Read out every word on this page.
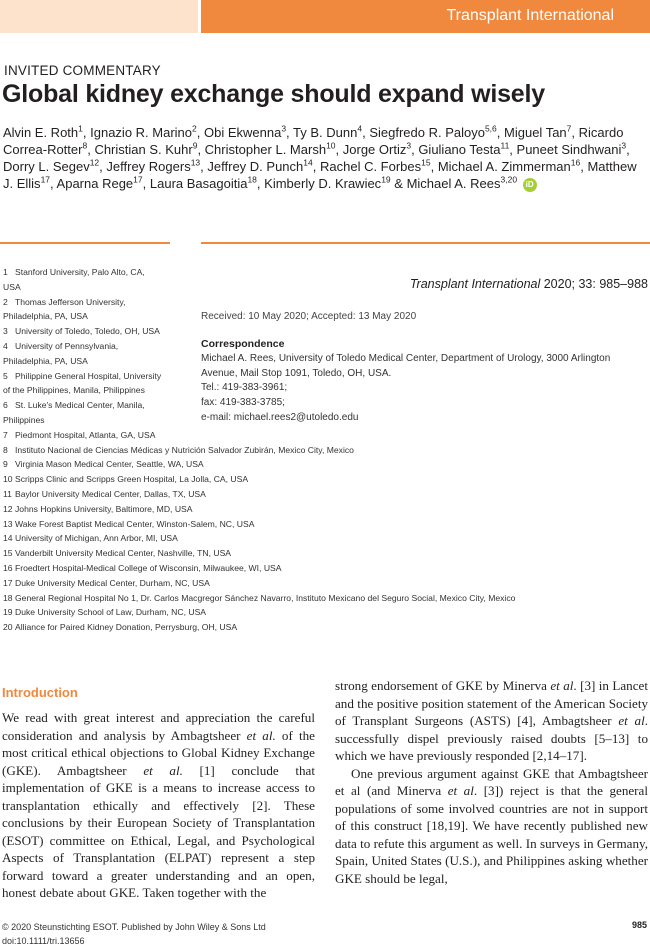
Transplant International
INVITED COMMENTARY
Global kidney exchange should expand wisely
Alvin E. Roth$^1$, Ignazio R. Marino$^2$, Obi Ekwenna$^3$, Ty B. Dunn$^4$, Siegfredo R. Paloyo$^{5,6}$, Miguel Tan$^7$, Ricardo Correa-Rotter$^8$, Christian S. Kuhr$^9$, Christopher L. Marsh$^{10}$, Jorge Ortiz$^3$, Giuliano Testa$^{11}$, Puneet Sindhwani$^3$, Dorry L. Segev$^{12}$, Jeffrey Rogers$^{13}$, Jeffrey D. Punch$^{14}$, Rachel C. Forbes$^{15}$, Michael A. Zimmerman$^{16}$, Matthew J. Ellis$^{17}$, Aparna Rege$^{17}$, Laura Basagoitia$^{18}$, Kimberly D. Krawiec$^{19}$ & Michael A. Rees$^{3,20}$ iD
1 Stanford University, Palo Alto, CA,
USA
2 Thomas Jefferson University,
Philadelphia, PA, USA
3 University of Toledo, Toledo, OH, USA
4 University of Pennsylvania,
Philadelphia, PA, USA
5 Philippine General Hospital, University
of the Philippines, Manila, Philippines
6 St. Luke's Medical Center, Manila,
Philippines
7 Piedmont Hospital, Atlanta, GA, USA
8 Instituto Nacional de Ciencias Médicas y Nutrición Salvador Zubirán, Mexico City, Mexico
9 Virginia Mason Medical Center, Seattle, WA, USA
10 Scripps Clinic and Scripps Green Hospital, La Jolla, CA, USA
11 Baylor University Medical Center, Dallas, TX, USA
12 Johns Hopkins University, Baltimore, MD, USA
13 Wake Forest Baptist Medical Center, Winston-Salem, NC, USA
14 University of Michigan, Ann Arbor, MI, USA
15 Vanderbilt University Medical Center, Nashville, TN, USA
16 Froedtert Hospital-Medical College of Wisconsin, Milwaukee, WI, USA
17 Duke University Medical Center, Durham, NC, USA
18 General Regional Hospital No 1, Dr. Carlos Macgregor Sánchez Navarro, Instituto Mexicano del Seguro Social, Mexico City, Mexico
19 Duke University School of Law, Durham, NC, USA
20 Alliance for Paired Kidney Donation, Perrysburg, OH, USA
Transplant International 2020; 33: 985–988
Received: 10 May 2020; Accepted: 13 May 2020
Correspondence
Michael A. Rees, University of Toledo Medical Center, Department of Urology, 3000 Arlington
Avenue, Mail Stop 1091, Toledo, OH, USA.
Tel.: 419-383-3961;
fax: 419-383-3785;
e-mail: michael.rees2@utoledo.edu
Introduction

We read with great interest and appreciation the careful consideration and analysis by Ambagtsheer et al. of the most critical ethical objections to Global Kidney Exchange (GKE). Ambagtsheer et al. [1] conclude that implementation of GKE is a means to increase access to transplantation ethically and effectively [2]. These conclusions by their European Society of Transplantation (ESOT) committee on Ethical, Legal, and Psychological Aspects of Transplantation (ELPAT) represent a step forward toward a greater understanding and an open, honest debate about GKE. Taken together with the

strong endorsement of GKE by Minerva et al. [3] in Lancet and the positive position statement of the American Society of Transplant Surgeons (ASTS) [4], Ambagtsheer et al. successfully dispel previously raised doubts [5–13] to which we have previously responded [2,14–17].

One previous argument against GKE that Ambagtsheer et al (and Minerva et al. [3]) reject is that the general populations of some involved countries are not in support of this construct [18,19]. We have recently published new data to refute this argument as well. In surveys in Germany, Spain, United States (U.S.), and Philippines asking whether GKE should be legal,

© 2020 Steunstichting ESOT. Published by John Wiley & Sons Ltd
doi:10.1111/tri.13656
985
